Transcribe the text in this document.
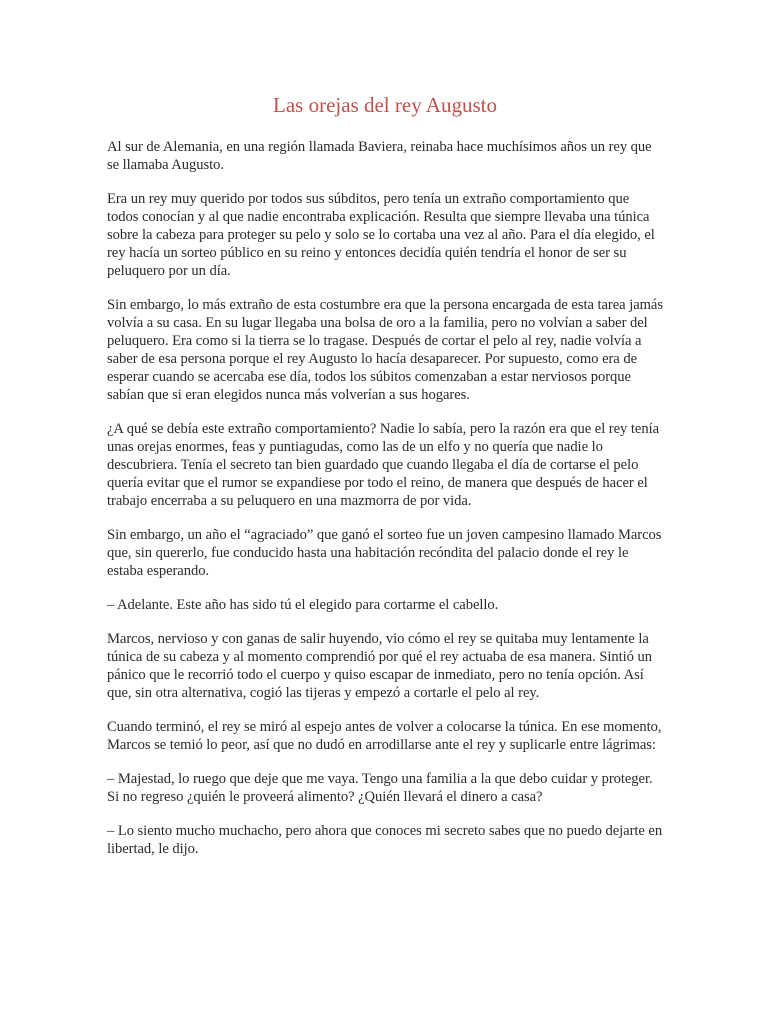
Las orejas del rey Augusto

Al sur de Alemania, en una región llamada Baviera, reinaba hace muchísimos años un rey que se llamaba Augusto.

Era un rey muy querido por todos sus súbditos, pero tenía un extraño comportamiento que todos conocían y al que nadie encontraba explicación. Resulta que siempre llevaba una túnica sobre la cabeza para proteger su pelo y solo se lo cortaba una vez al año. Para el día elegido, el rey hacía un sorteo público en su reino y entonces decidía quién tendría el honor de ser su peluquero por un día.

Sin embargo, lo más extraño de esta costumbre era que la persona encargada de esta tarea jamás volvía a su casa. En su lugar llegaba una bolsa de oro a la familia, pero no volvían a saber del peluquero. Era como si la tierra se lo tragase. Después de cortar el pelo al rey, nadie volvía a saber de esa persona porque el rey Augusto lo hacía desaparecer. Por supuesto, como era de esperar cuando se acercaba ese día, todos los súbitos comenzaban a estar nerviosos porque sabían que si eran elegidos nunca más volverían a sus hogares.

¿A qué se debía este extraño comportamiento? Nadie lo sabía, pero la razón era que el rey tenía unas orejas enormes, feas y puntiagudas, como las de un elfo y no quería que nadie lo descubriera. Tenía el secreto tan bien guardado que cuando llegaba el día de cortarse el pelo quería evitar que el rumor se expandiese por todo el reino, de manera que después de hacer el trabajo encerraba a su peluquero en una mazmorra de por vida.

Sin embargo, un año el “agraciado” que ganó el sorteo fue un joven campesino llamado Marcos que, sin quererlo, fue conducido hasta una habitación recóndita del palacio donde el rey le estaba esperando.

– Adelante. Este año has sido tú el elegido para cortarme el cabello.

Marcos, nervioso y con ganas de salir huyendo, vio cómo el rey se quitaba muy lentamente la túnica de su cabeza y al momento comprendió por qué el rey actuaba de esa manera. Sintió un pánico que le recorrió todo el cuerpo y quiso escapar de inmediato, pero no tenía opción. Así que, sin otra alternativa, cogió las tijeras y empezó a cortarle el pelo al rey.

Cuando terminó, el rey se miró al espejo antes de volver a colocarse la túnica. En ese momento, Marcos se temió lo peor, así que no dudó en arrodillarse ante el rey y suplicarle entre lágrimas:

– Majestad, lo ruego que deje que me vaya. Tengo una familia a la que debo cuidar y proteger. Si no regreso ¿quién le proveerá alimento? ¿Quién llevará el dinero a casa?

– Lo siento mucho muchacho, pero ahora que conoces mi secreto sabes que no puedo dejarte en libertad, le dijo.
